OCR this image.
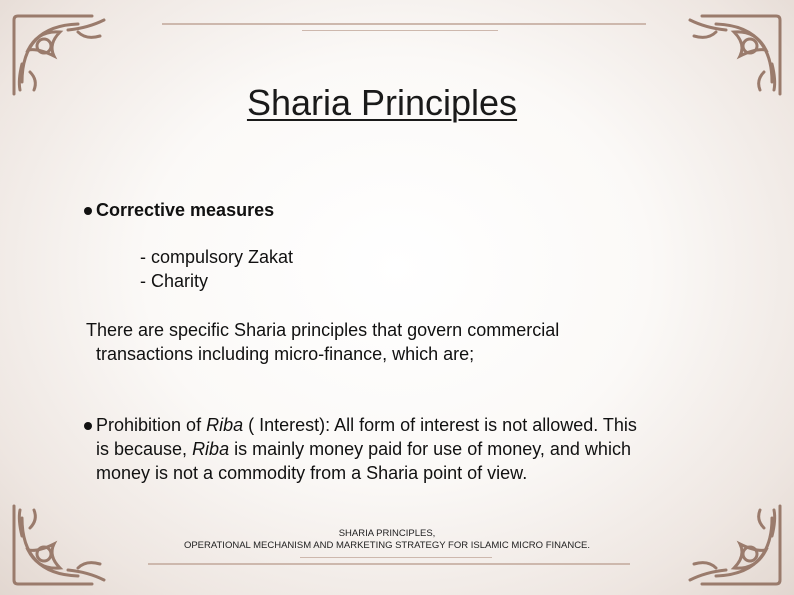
Sharia Principles
Corrective measures
- compulsory Zakat
- Charity
There are specific Sharia principles that govern commercial
transactions including micro-finance, which are;
Prohibition of Riba ( Interest): All form of interest is not allowed. This
is because, Riba is mainly money paid for use of money, and which
money is not a commodity from a Sharia point of view.
SHARIA PRINCIPLES,
OPERATIONAL MECHANISM AND MARKETING STRATEGY FOR ISLAMIC MICRO FINANCE.
